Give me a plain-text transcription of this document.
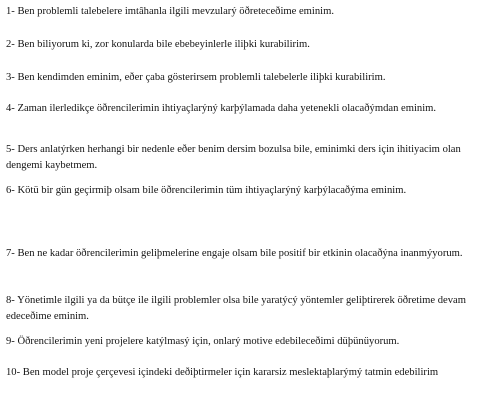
1- Ben problemli talebelere imtâhanla ilgili mevzularý öðreteceðime eminim.

2- Ben biliyorum ki, zor konularda bile ebebeyinlerle iliþki kurabilirim.

3- Ben kendimden eminim, eðer çaba gösterirsem problemli talebelerle iliþki kurabilirim.

4- Zaman ilerledikçe öðrencilerimin ihtiyaçlarýný karþýlamada daha yetenekli olacaðýmdan eminim.

5- Ders anlatýrken herhangi bir nedenle eðer benim dersim bozulsa bile, eminimki ders için ihitiyacim olan dengemi kaybetmem.

6- Kötü bir gün geçirmiþ olsam bile öðrencilerimin tüm ihtiyaçlarýný karþýlacaðýma eminim.

7- Ben ne kadar öðrencilerimin geliþmelerine engaje olsam bile positif bir etkinin olacaðýna inanmýyorum.

8- Yönetimle ilgili ya da bütçe ile ilgili problemler olsa bile yaratýcý yöntemler geliþtirerek öðretime devam edeceðime eminim.

9- Öðrencilerimin yeni projelere katýlmasý için, onlarý motive edebileceðimi düþünüyorum.

10- Ben model proje çerçevesi içindeki deðiþtirmeler için kararsiz meslektaþlarýmý tatmin edebilirim
